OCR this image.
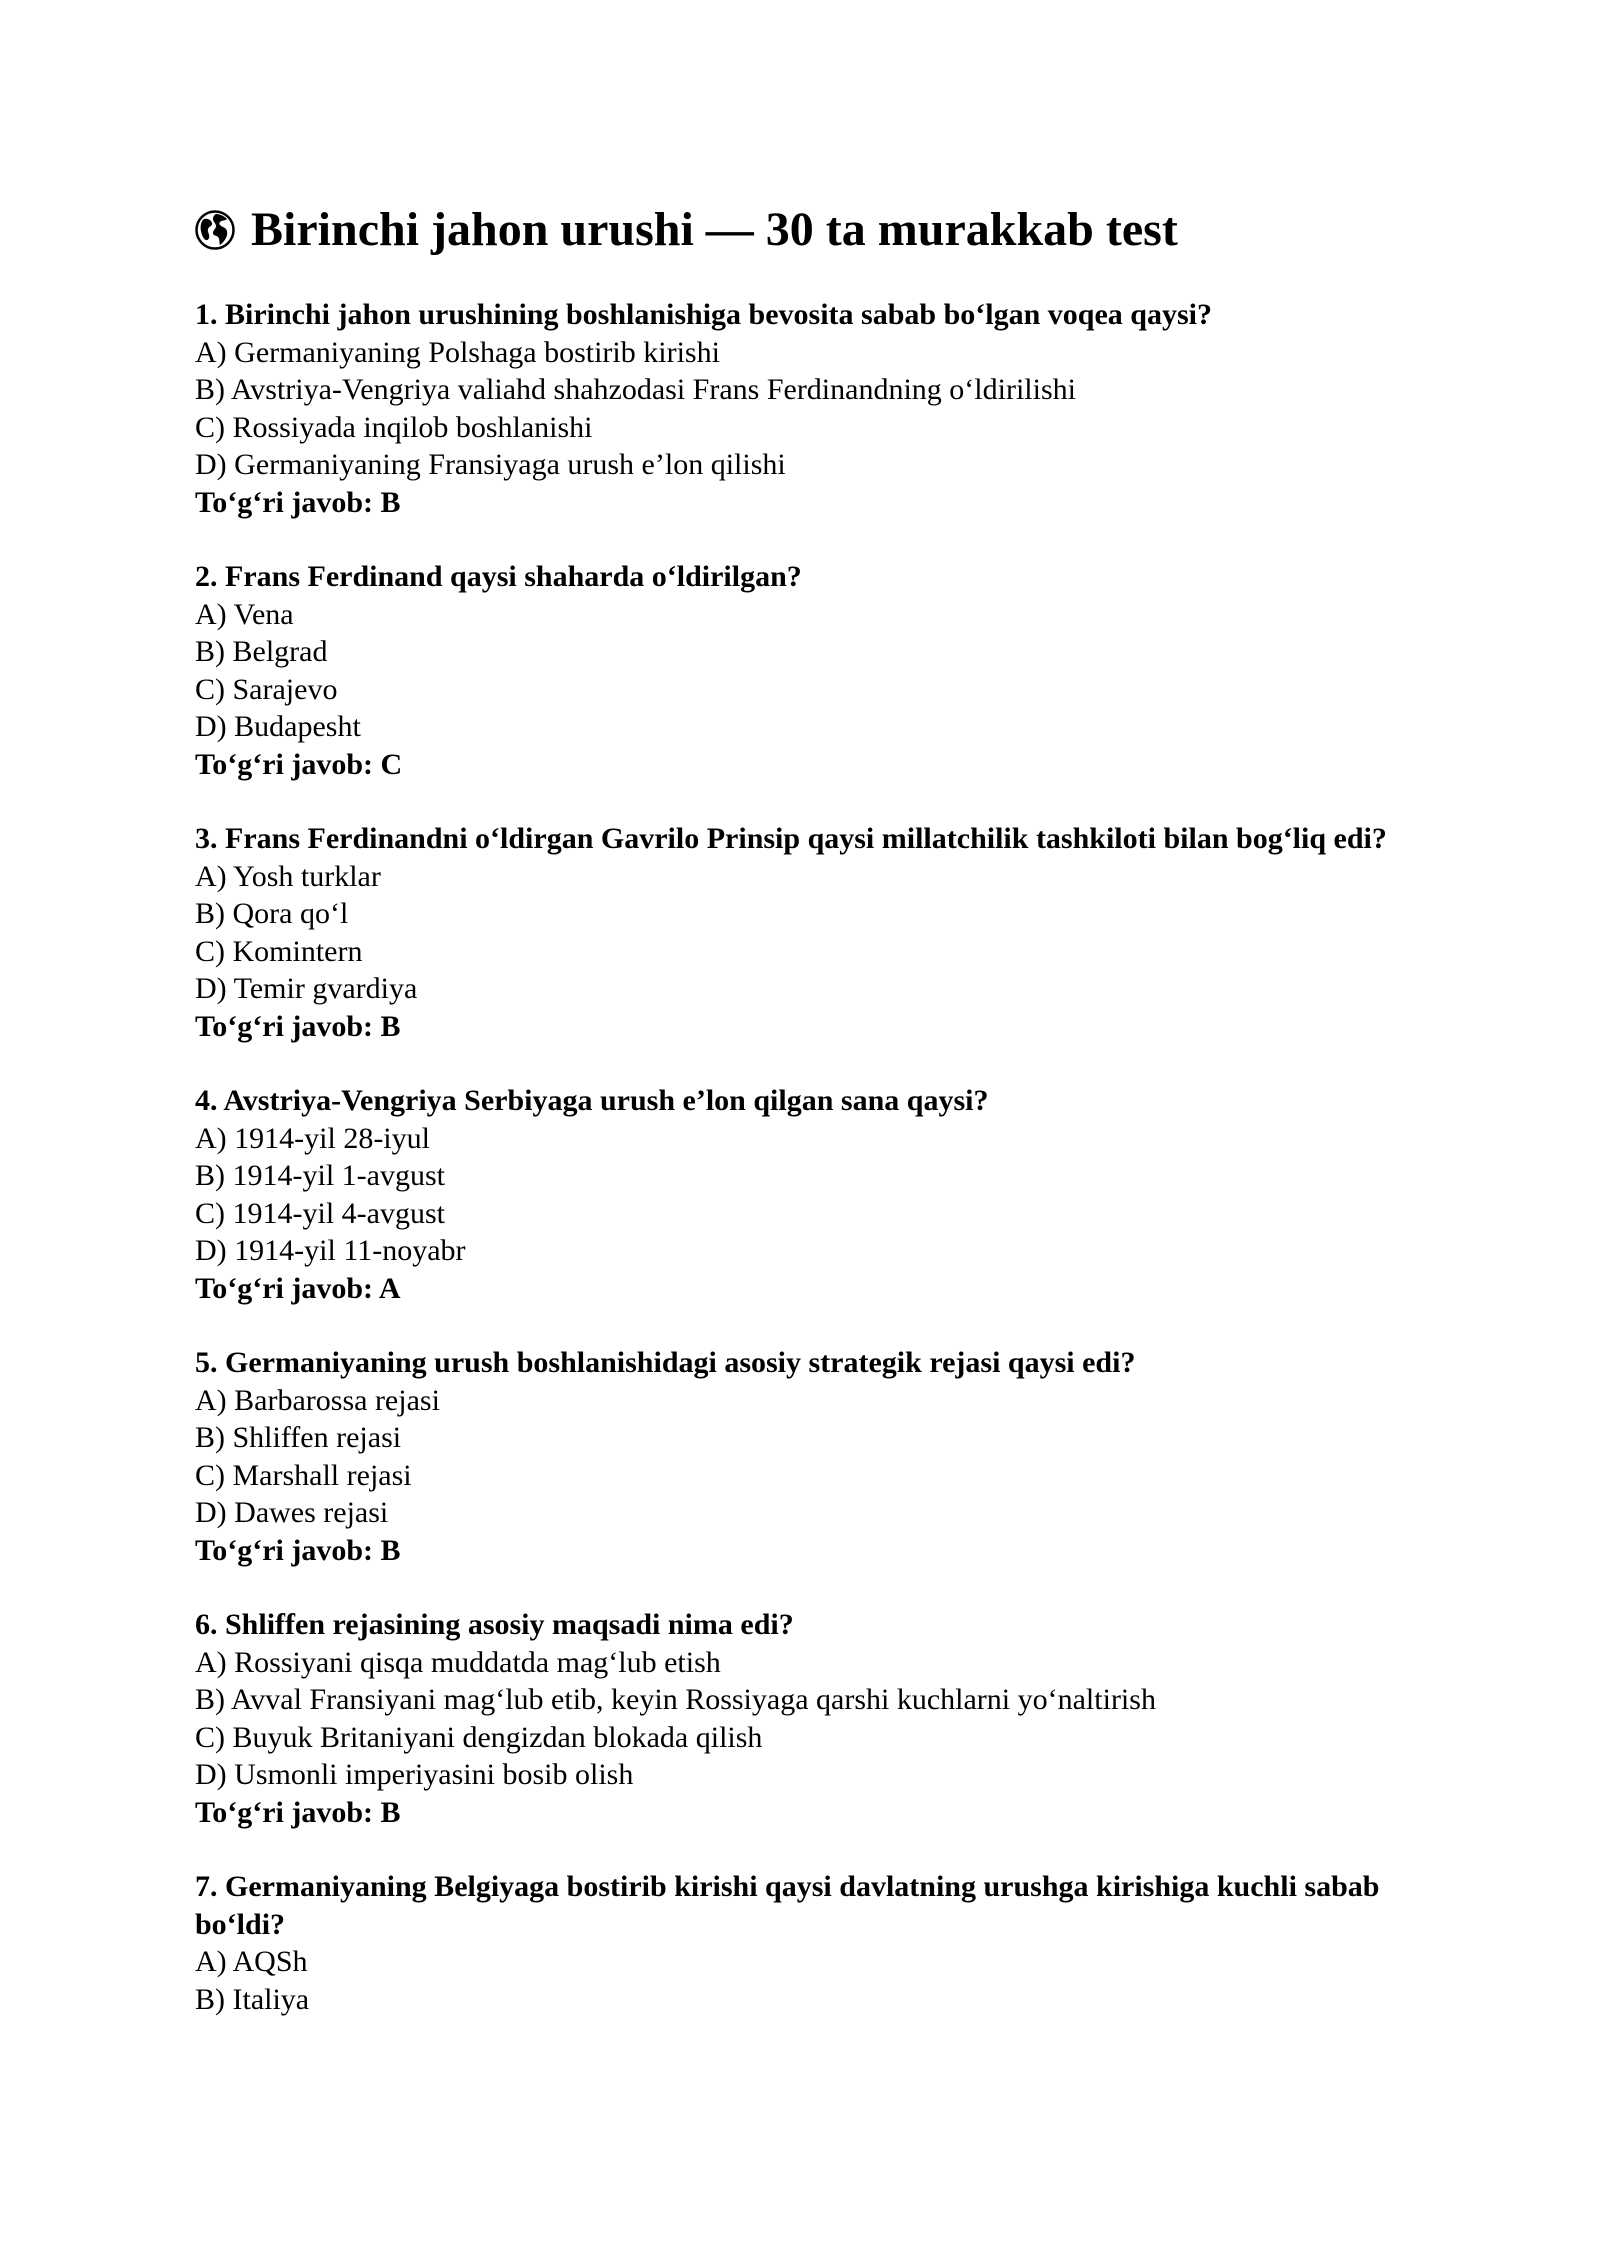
Birinchi jahon urushi — 30 ta murakkab test

1. Birinchi jahon urushining boshlanishiga bevosita sabab bo‘lgan voqea qaysi?

A) Germaniyaning Polshaga bostirib kirishi

B) Avstriya-Vengriya valiahd shahzodasi Frans Ferdinandning o‘ldirilishi

C) Rossiyada inqilob boshlanishi

D) Germaniyaning Fransiyaga urush e’lon qilishi

To‘g‘ri javob: B

2. Frans Ferdinand qaysi shaharda o‘ldirilgan?

A) Vena

B) Belgrad

C) Sarajevo

D) Budapesht

To‘g‘ri javob: C

3. Frans Ferdinandni o‘ldirgan Gavrilo Prinsip qaysi millatchilik tashkiloti bilan bog‘liq edi?

A) Yosh turklar

B) Qora qo‘l

C) Komintern

D) Temir gvardiya

To‘g‘ri javob: B

4. Avstriya-Vengriya Serbiyaga urush e’lon qilgan sana qaysi?

A) 1914-yil 28-iyul

B) 1914-yil 1-avgust

C) 1914-yil 4-avgust

D) 1914-yil 11-noyabr

To‘g‘ri javob: A

5. Germaniyaning urush boshlanishidagi asosiy strategik rejasi qaysi edi?

A) Barbarossa rejasi

B) Shliffen rejasi

C) Marshall rejasi

D) Dawes rejasi

To‘g‘ri javob: B

6. Shliffen rejasining asosiy maqsadi nima edi?

A) Rossiyani qisqa muddatda mag‘lub etish

B) Avval Fransiyani mag‘lub etib, keyin Rossiyaga qarshi kuchlarni yo‘naltirish

C) Buyuk Britaniyani dengizdan blokada qilish

D) Usmonli imperiyasini bosib olish

To‘g‘ri javob: B

7. Germaniyaning Belgiyaga bostirib kirishi qaysi davlatning urushga kirishiga kuchli sabab bo‘ldi?

A) AQSh

B) Italiya
